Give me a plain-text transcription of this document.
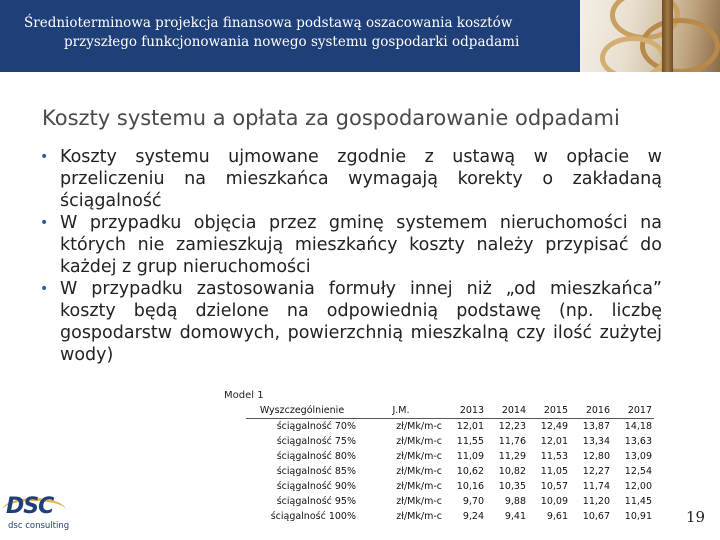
Średnioterminowa projekcja finansowa podstawą oszacowania kosztów
przyszłego funkcjonowania nowego systemu gospodarki odpadami
Koszty systemu a opłata za gospodarowanie odpadami
• Koszty systemu ujmowane zgodnie z ustawą w opłacie w przeliczeniu na mieszkańca wymagają korekty o zakładaną ściągalność
• W przypadku objęcia przez gminę systemem nieruchomości na których nie zamieszkują mieszkańcy koszty należy przypisać do każdej z grup nieruchomości
• W przypadku zastosowania formuły innej niż „od mieszkańca” koszty będą dzielone na odpowiednią podstawę (np. liczbę gospodarstw domowych, powierzchnią mieszkalną czy ilość zużytej wody)
Model 1
Wyszczególnienie	J.M.	2013	2014	2015	2016	2017
ściągalność 70%	zł/Mk/m-c	12,01	12,23	12,49	13,87	14,18
ściągalność 75%	zł/Mk/m-c	11,55	11,76	12,01	13,34	13,63
ściągalność 80%	zł/Mk/m-c	11,09	11,29	11,53	12,80	13,09
ściągalność 85%	zł/Mk/m-c	10,62	10,82	11,05	12,27	12,54
ściągalność 90%	zł/Mk/m-c	10,16	10,35	10,57	11,74	12,00
ściągalność 95%	zł/Mk/m-c	9,70	9,88	10,09	11,20	11,45
ściągalność 100%	zł/Mk/m-c	9,24	9,41	9,61	10,67	10,91
DSC
dsc consulting	19
